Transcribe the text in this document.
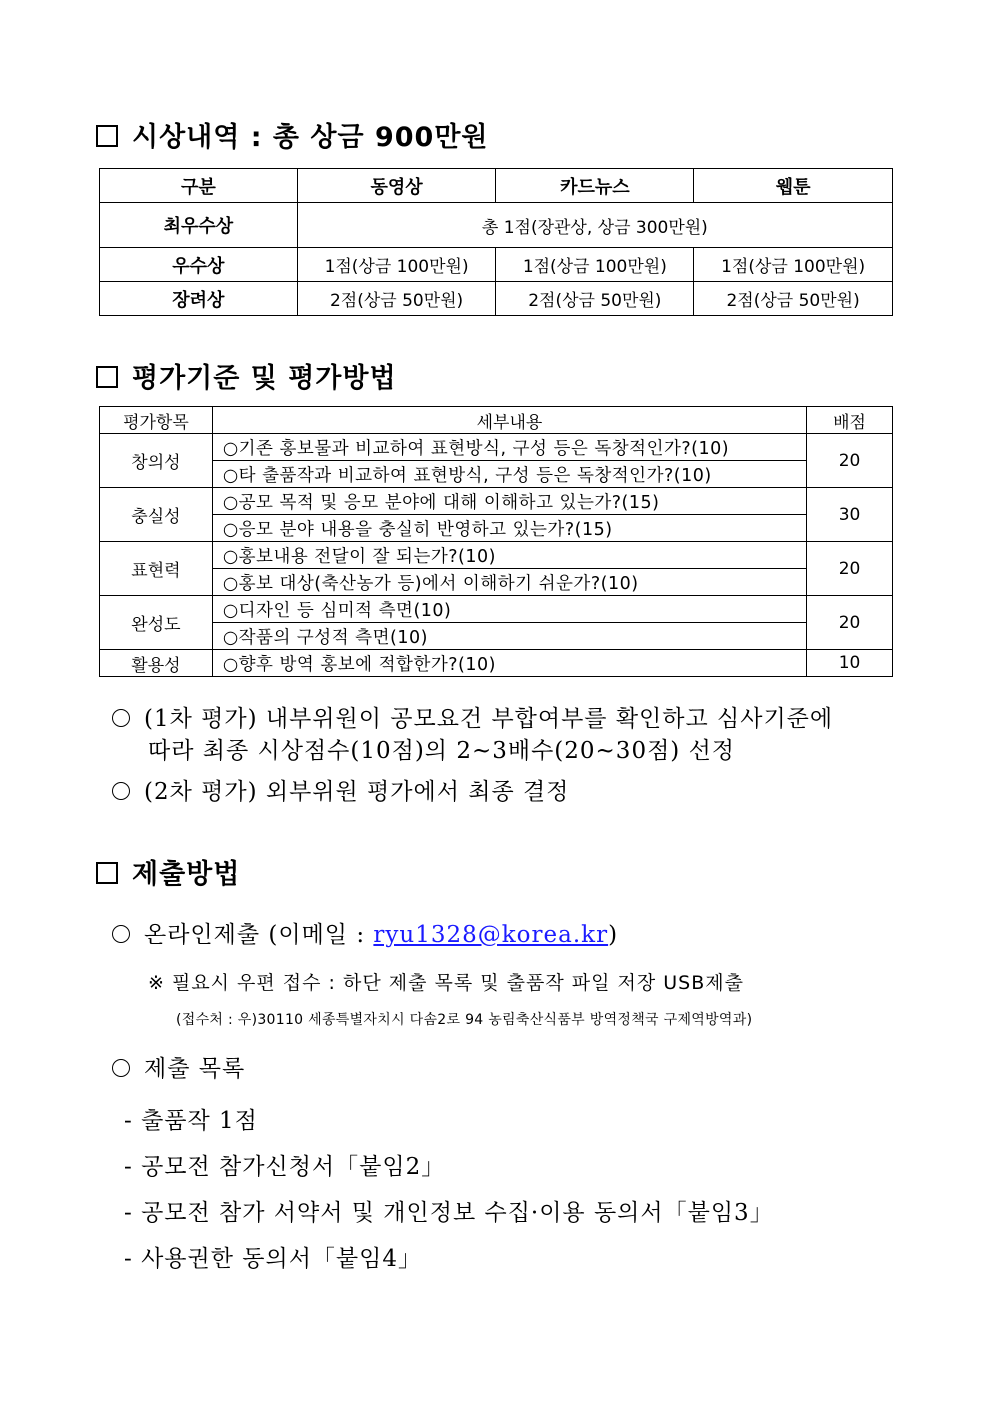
시상내역 : 총 상금 900만원
구분	동영상	카드뉴스	웹툰
최우수상	총 1점(장관상, 상금 300만원)		
우수상	1점(상금 100만원)	1점(상금 100만원)	1점(상금 100만원)
장려상	2점(상금 50만원)	2점(상금 50만원)	2점(상금 50만원)
평가기준 및 평가방법
평가항목	세부내용	배점
창의성	○기존 홍보물과 비교하여 표현방식, 구성 등은 독창적인가?(10)	20
	○타 출품작과 비교하여 표현방식, 구성 등은 독창적인가?(10)	
충실성	○공모 목적 및 응모 분야에 대해 이해하고 있는가?(15)	30
	○응모 분야 내용을 충실히 반영하고 있는가?(15)	
표현력	○홍보내용 전달이 잘 되는가?(10)	20
	○홍보 대상(축산농가 등)에서 이해하기 쉬운가?(10)	
완성도	○디자인 등 심미적 측면(10)	20
	○작품의 구성적 측면(10)	
활용성	○향후 방역 홍보에 적합한가?(10)	10
(1차 평가) 내부위원이 공모요건 부합여부를 확인하고 심사기준에
따라 최종 시상점수(10점)의 2~3배수(20~30점) 선정
(2차 평가) 외부위원 평가에서 최종 결정
제출방법
온라인제출 (이메일 : ryu1328@korea.kr)
※ 필요시 우편 접수 : 하단 제출 목록 및 출품작 파일 저장 USB제출
(접수처 : 우)30110 세종특별자치시 다솜2로 94 농림축산식품부 방역정책국 구제역방역과)
제출 목록
- 출품작 1점
- 공모전 참가신청서「붙임2」
- 공모전 참가 서약서 및 개인정보 수집·이용 동의서「붙임3」
- 사용권한 동의서「붙임4」
